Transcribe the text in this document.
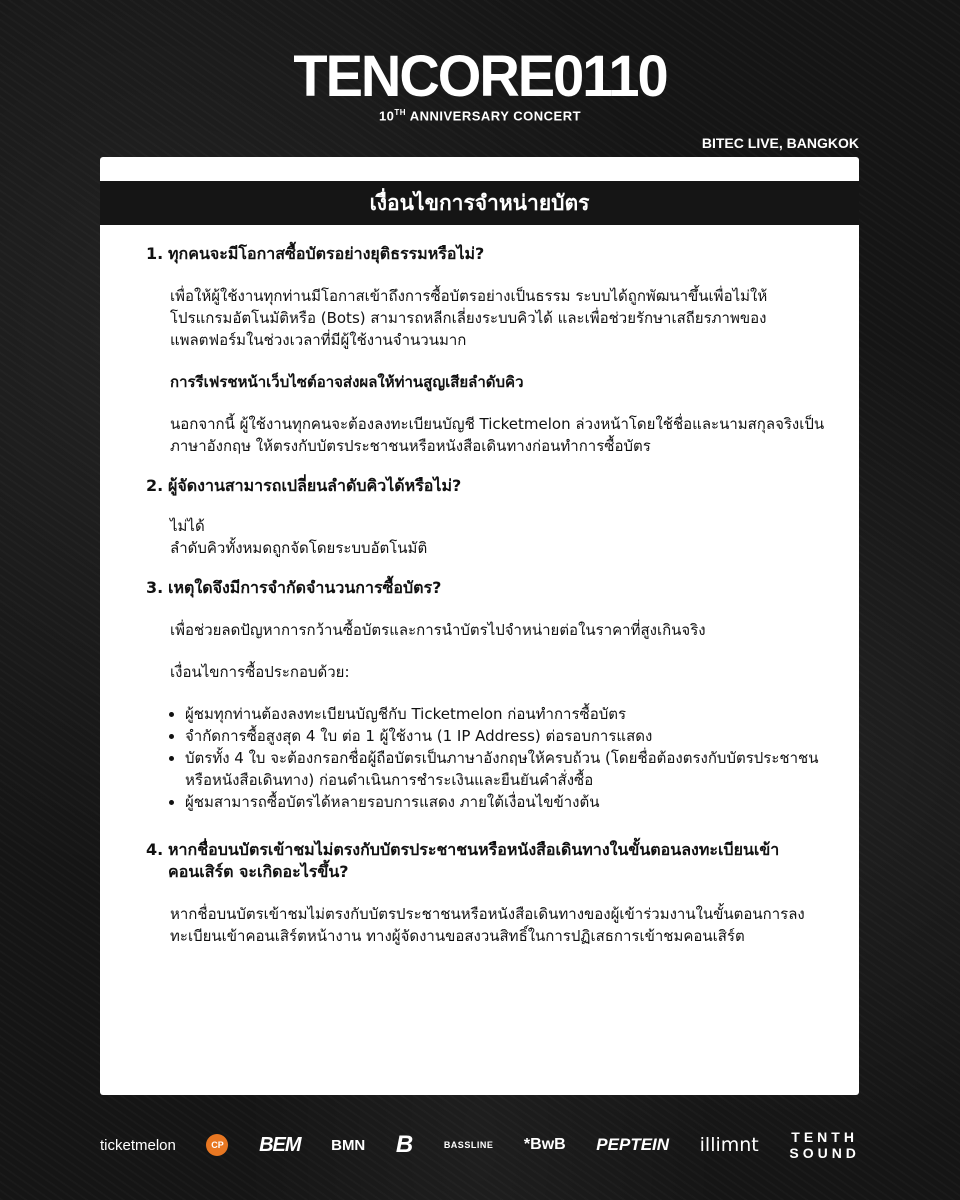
TENCORE0110
10TH ANNIVERSARY CONCERT
BITEC LIVE, BANGKOK
เงื่อนไขการจำหน่ายบัตร
1. ทุกคนจะมีโอกาสซื้อบัตรอย่างยุติธรรมหรือไม่?
เพื่อให้ผู้ใช้งานทุกท่านมีโอกาสเข้าถึงการซื้อบัตรอย่างเป็นธรรม ระบบได้ถูกพัฒนาขึ้นเพื่อไม่ให้โปรแกรมอัตโนมัติหรือ (Bots) สามารถหลีกเลี่ยงระบบคิวได้ และเพื่อช่วยรักษาเสถียรภาพของแพลตฟอร์มในช่วงเวลาที่มีผู้ใช้งานจำนวนมาก
การรีเฟรชหน้าเว็บไซต์อาจส่งผลให้ท่านสูญเสียลำดับคิว
นอกจากนี้ ผู้ใช้งานทุกคนจะต้องลงทะเบียนบัญชี Ticketmelon ล่วงหน้าโดยใช้ชื่อและนามสกุลจริงเป็นภาษาอังกฤษ ให้ตรงกับบัตรประชาชนหรือหนังสือเดินทางก่อนทำการซื้อบัตร
2. ผู้จัดงานสามารถเปลี่ยนลำดับคิวได้หรือไม่?
ไม่ได้
ลำดับคิวทั้งหมดถูกจัดโดยระบบอัตโนมัติ
3. เหตุใดจึงมีการจำกัดจำนวนการซื้อบัตร?
เพื่อช่วยลดปัญหาการกว้านซื้อบัตรและการนำบัตรไปจำหน่ายต่อในราคาที่สูงเกินจริง
เงื่อนไขการซื้อประกอบด้วย:
• ผู้ชมทุกท่านต้องลงทะเบียนบัญชีกับ Ticketmelon ก่อนทำการซื้อบัตร
• จำกัดการซื้อสูงสุด 4 ใบ ต่อ 1 ผู้ใช้งาน (1 IP Address) ต่อรอบการแสดง
• บัตรทั้ง 4 ใบ จะต้องกรอกชื่อผู้ถือบัตรเป็นภาษาอังกฤษให้ครบถ้วน (โดยชื่อต้องตรงกับบัตรประชาชนหรือหนังสือเดินทาง) ก่อนดำเนินการชำระเงินและยืนยันคำสั่งซื้อ
• ผู้ชมสามารถซื้อบัตรได้หลายรอบการแสดง ภายใต้เงื่อนไขข้างต้น
4. หากชื่อบนบัตรเข้าชมไม่ตรงกับบัตรประชาชนหรือหนังสือเดินทางในขั้นตอนลงทะเบียนเข้าคอนเสิร์ต จะเกิดอะไรขึ้น?
หากชื่อบนบัตรเข้าชมไม่ตรงกับบัตรประชาชนหรือหนังสือเดินทางของผู้เข้าร่วมงานในขั้นตอนการลงทะเบียนเข้าคอนเสิร์ตหน้างาน ทางผู้จัดงานขอสงวนสิทธิ์ในการปฏิเสธการเข้าชมคอนเสิร์ต
ticketmelon	CP BEM BMN B	BASSLINE *BwB PEPTEIN illimnt TENTH
SOUND
